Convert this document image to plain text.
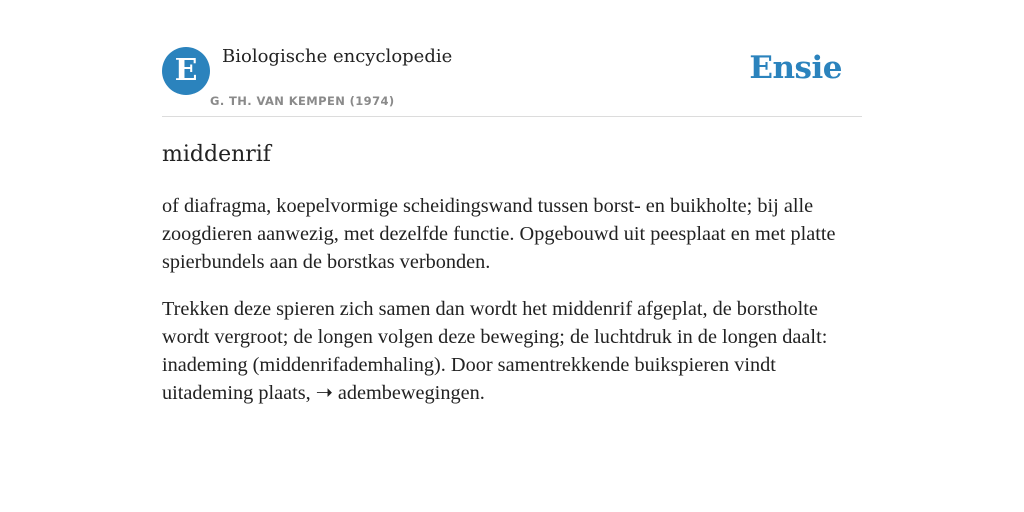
E	Biologische encyclopedie
G. TH. VAN KEMPEN (1974)
Ensie
middenrif

of diafragma, koepelvormige scheidingswand tussen borst- en buikholte; bij alle zoogdieren aanwezig, met dezelfde functie. Opgebouwd uit peesplaat en met platte spierbundels aan de borstkas verbonden.

Trekken deze spieren zich samen dan wordt het middenrif afgeplat, de borstholte wordt vergroot; de longen volgen deze beweging; de luchtdruk in de longen daalt: inademing (middenrifademhaling). Door samentrekkende buikspieren vindt uitademing plaats, ➝ adembewegingen.
